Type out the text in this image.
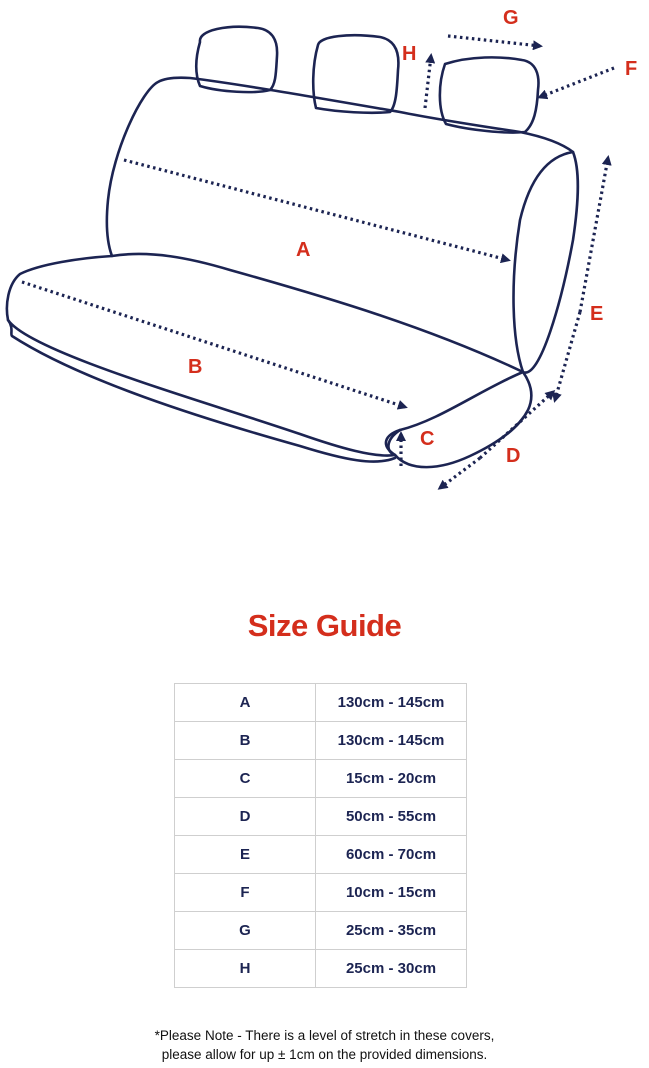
A
B
C
D
E
F
G
H
Size Guide
A	130cm - 145cm
B	130cm - 145cm
C	15cm - 20cm
D	50cm - 55cm
E	60cm - 70cm
F	10cm - 15cm
G	25cm - 35cm
H	25cm - 30cm
*Please Note - There is a level of stretch in these covers,
please allow for up ± 1cm on the provided dimensions.
